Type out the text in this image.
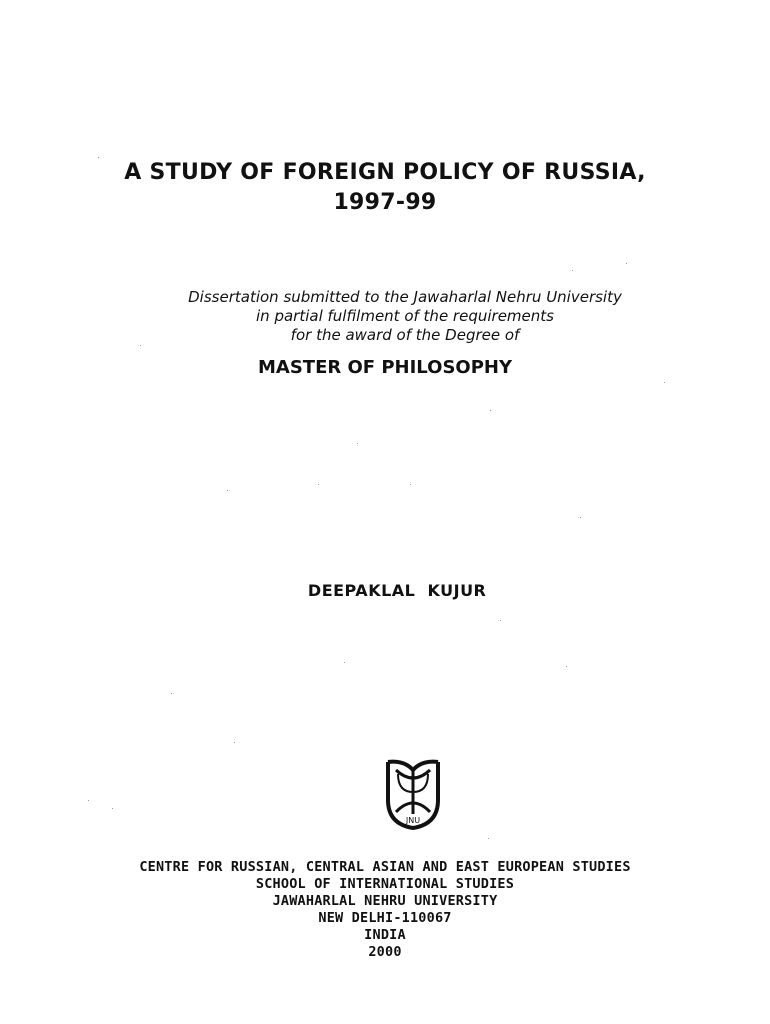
A STUDY OF FOREIGN POLICY OF RUSSIA,
1997-99
Dissertation submitted to the Jawaharlal Nehru University
in partial fulfilment of the requirements
for the award of the Degree of
MASTER OF PHILOSOPHY

DEEPAKLAL  KUJUR

JNU
CENTRE FOR RUSSIAN, CENTRAL ASIAN AND EAST EUROPEAN STUDIES
SCHOOL OF INTERNATIONAL STUDIES
JAWAHARLAL NEHRU UNIVERSITY
NEW DELHI-110067
INDIA
2000
